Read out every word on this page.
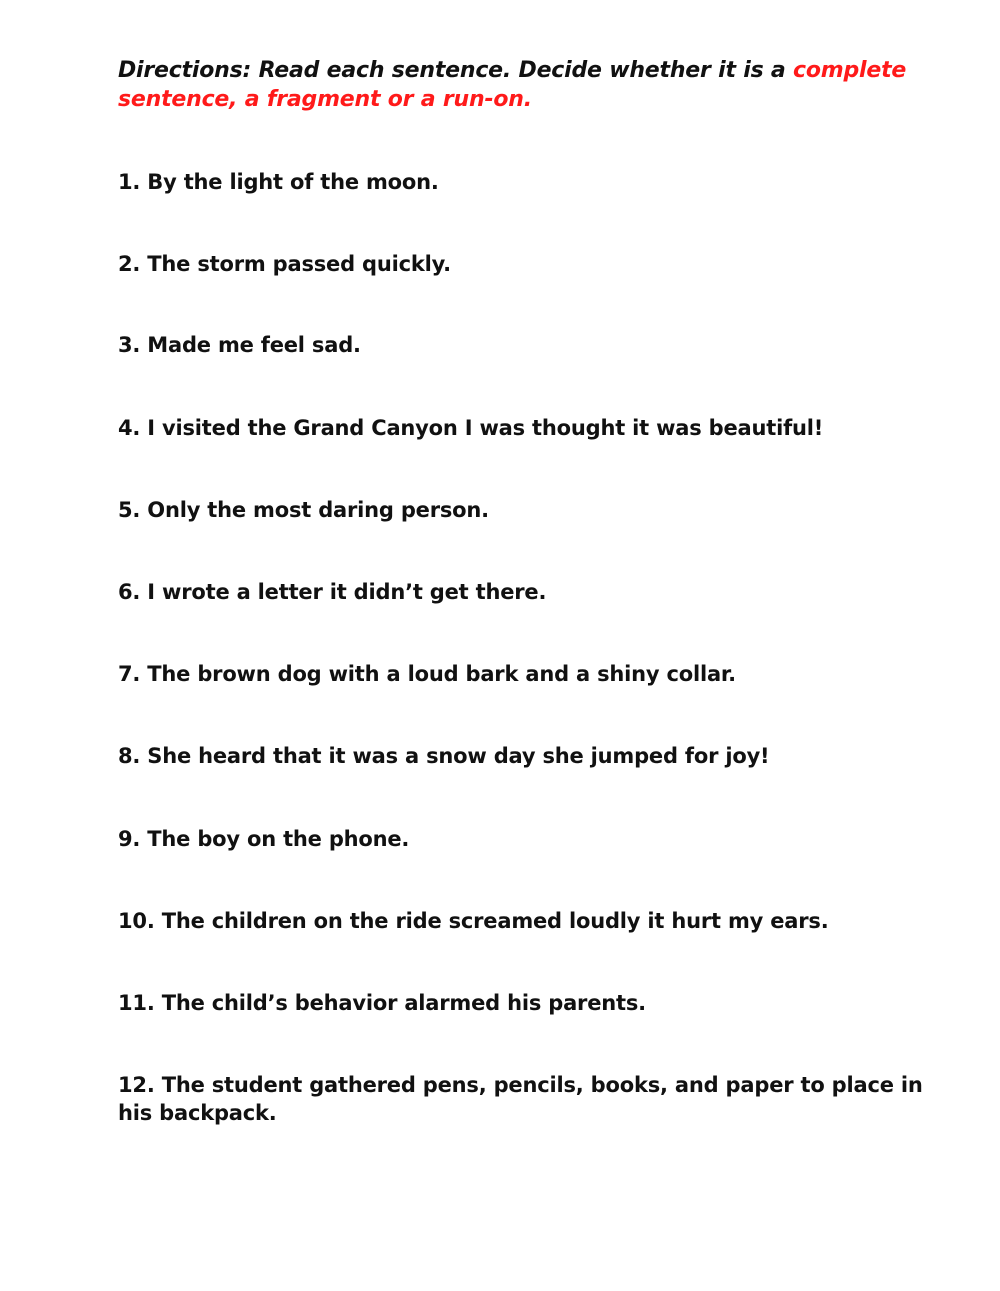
Directions: Read each sentence. Decide whether it is a complete sentence, a fragment or a run-on.

1. By the light of the moon.
2. The storm passed quickly.
3. Made me feel sad.
4. I visited the Grand Canyon I was thought it was beautiful!
5. Only the most daring person.
6. I wrote a letter it didn’t get there.
7. The brown dog with a loud bark and a shiny collar.
8. She heard that it was a snow day she jumped for joy!
9. The boy on the phone.
10. The children on the ride screamed loudly it hurt my ears.
11. The child’s behavior alarmed his parents.
12. The student gathered pens, pencils, books, and paper to place in his backpack.
